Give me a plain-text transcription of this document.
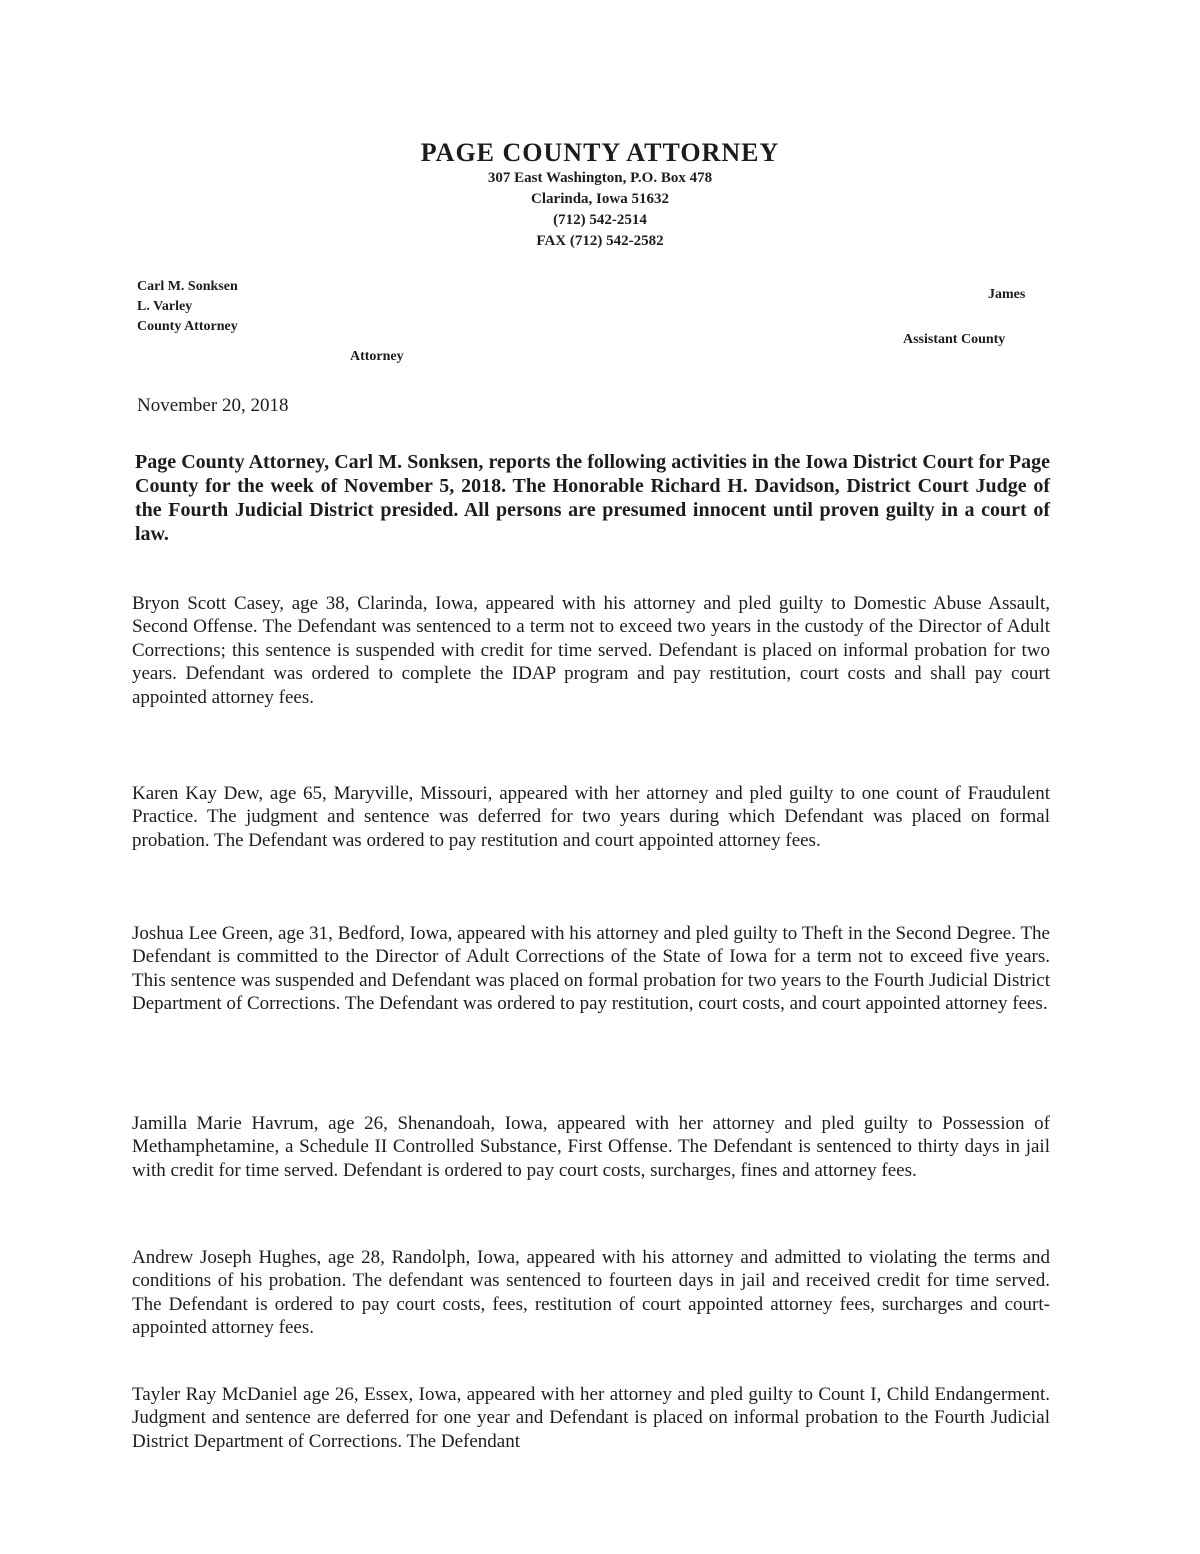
PAGE COUNTY ATTORNEY

307 East Washington, P.O. Box 478

Clarinda, Iowa 51632

(712) 542-2514

FAX (712) 542-2582

Carl M. Sonksen
L. Varley
County Attorney
Attorney
James
Assistant County
November 20, 2018

Page County Attorney, Carl M. Sonksen, reports the following activities in the Iowa District Court for Page County for the week of November 5, 2018. The Honorable Richard H. Davidson, District Court Judge of the Fourth Judicial District presided. All persons are presumed innocent until proven guilty in a court of law.

Bryon Scott Casey, age 38, Clarinda, Iowa, appeared with his attorney and pled guilty to Domestic Abuse Assault, Second Offense. The Defendant was sentenced to a term not to exceed two years in the custody of the Director of Adult Corrections; this sentence is suspended with credit for time served. Defendant is placed on informal probation for two years. Defendant was ordered to complete the IDAP program and pay restitution, court costs and shall pay court appointed attorney fees.

Karen Kay Dew, age 65, Maryville, Missouri, appeared with her attorney and pled guilty to one count of Fraudulent Practice. The judgment and sentence was deferred for two years during which Defendant was placed on formal probation. The Defendant was ordered to pay restitution and court appointed attorney fees.

Joshua Lee Green, age 31, Bedford, Iowa, appeared with his attorney and pled guilty to Theft in the Second Degree. The Defendant is committed to the Director of Adult Corrections of the State of Iowa for a term not to exceed five years. This sentence was suspended and Defendant was placed on formal probation for two years to the Fourth Judicial District Department of Corrections. The Defendant was ordered to pay restitution, court costs, and court appointed attorney fees.

Jamilla Marie Havrum, age 26, Shenandoah, Iowa, appeared with her attorney and pled guilty to Possession of Methamphetamine, a Schedule II Controlled Substance, First Offense. The Defendant is sentenced to thirty days in jail with credit for time served. Defendant is ordered to pay court costs, surcharges, fines and attorney fees.

Andrew Joseph Hughes, age 28, Randolph, Iowa, appeared with his attorney and admitted to violating the terms and conditions of his probation. The defendant was sentenced to fourteen days in jail and received credit for time served. The Defendant is ordered to pay court costs, fees, restitution of court appointed attorney fees, surcharges and court-appointed attorney fees.

Tayler Ray McDaniel age 26, Essex, Iowa, appeared with her attorney and pled guilty to Count I, Child Endangerment. Judgment and sentence are deferred for one year and Defendant is placed on informal probation to the Fourth Judicial District Department of Corrections. The Defendant
